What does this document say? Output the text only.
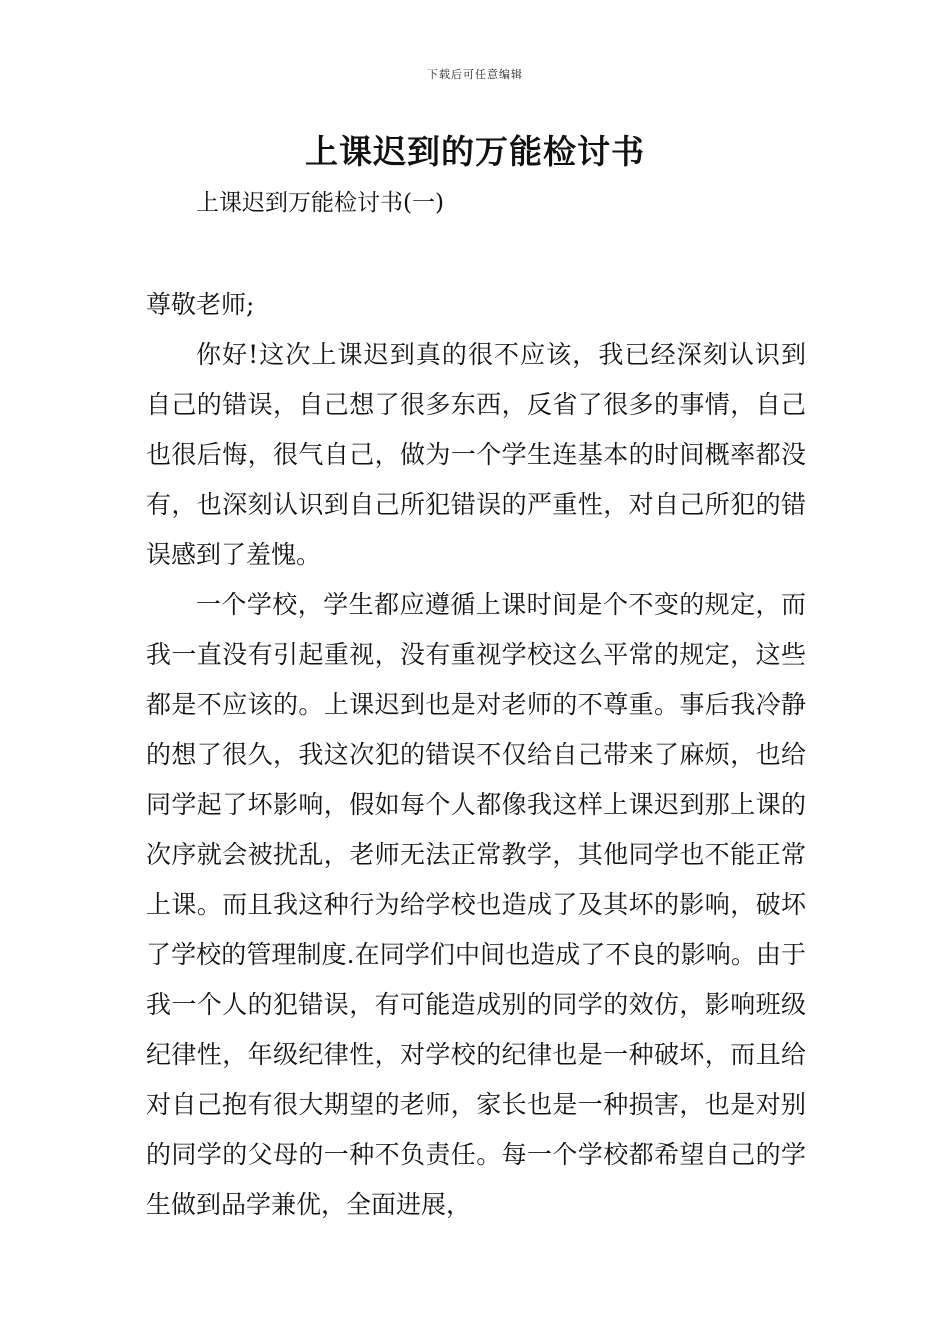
下载后可任意编辑
上课迟到的万能检讨书

上课迟到万能检讨书(一)

尊敬老师;

你好!这次上课迟到真的很不应该，我已经深刻认识到自己的错误，自己想了很多东西，反省了很多的事情，自己也很后悔，很气自己，做为一个学生连基本的时间概率都没有，也深刻认识到自己所犯错误的严重性，对自己所犯的错误感到了羞愧。

一个学校，学生都应遵循上课时间是个不变的规定，而我一直没有引起重视，没有重视学校这么平常的规定，这些都是不应该的。上课迟到也是对老师的不尊重。事后我冷静的想了很久，我这次犯的错误不仅给自己带来了麻烦，也给同学起了坏影响，假如每个人都像我这样上课迟到那上课的次序就会被扰乱，老师无法正常教学，其他同学也不能正常上课。而且我这种行为给学校也造成了及其坏的影响，破坏了学校的管理制度.在同学们中间也造成了不良的影响。由于我一个人的犯错误，有可能造成别的同学的效仿，影响班级纪律性，年级纪律性，对学校的纪律也是一种破坏，而且给对自己抱有很大期望的老师，家长也是一种损害，也是对别的同学的父母的一种不负责任。每一个学校都希望自己的学生做到品学兼优，全面进展，
